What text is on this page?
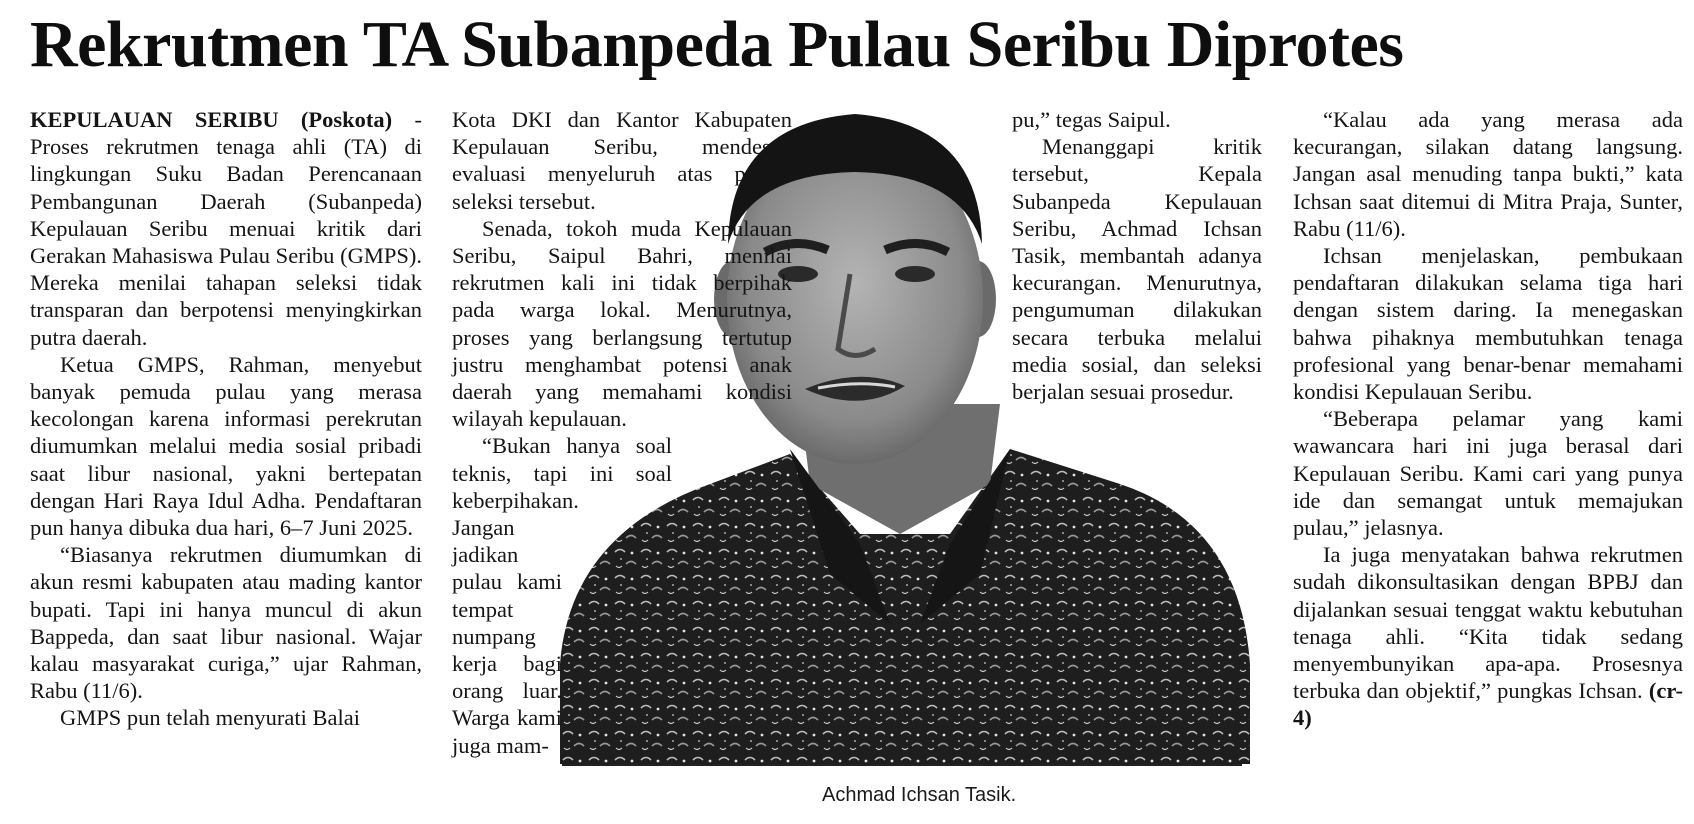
Rekrutmen TA Subanpeda Pulau Seribu Diprotes
Achmad Ichsan Tasik.

KEPULAUAN SERIBU (Poskota) - Proses rekrutmen tenaga ahli (TA) di lingkungan Suku Badan Perencanaan Pembangunan Daerah (Subanpeda) Kepulauan Seribu menuai kritik dari Gerakan Mahasiswa Pulau Seribu (GMPS). Mereka menilai tahapan seleksi tidak transparan dan berpotensi menyingkirkan putra daerah.

Ketua GMPS, Rahman, menyebut banyak pemuda pulau yang merasa kecolongan karena informasi perekrutan diumumkan melalui media sosial pribadi saat libur nasional, yakni bertepatan dengan Hari Raya Idul Adha. Pendaftaran pun hanya dibuka dua hari, 6–7 Juni 2025.

“Biasanya rekrutmen diumumkan di akun resmi kabupaten atau mading kantor bupati. Tapi ini hanya muncul di akun Bappeda, dan saat libur nasional. Wajar kalau masyarakat curiga,” ujar Rahman, Rabu (11/6).

GMPS pun telah menyurati Balai

Kota DKI dan Kantor Kabupaten Kepulauan Seribu, mendesak evaluasi menyeluruh atas proses seleksi tersebut.

Senada, tokoh muda Kepulauan Seribu, Saipul Bahri, menilai rekrutmen kali ini tidak berpihak pada warga lokal. Menurutnya, proses yang berlangsung tertutup justru menghambat potensi anak daerah yang memahami kondisi wilayah kepulauan.

“Bukan hanya soal teknis, tapi ini soal keberpihakan.

Jangan jadikan pulau kami tempat numpang kerja bagi orang luar. Warga kami juga mam-

pu,” tegas Saipul.

Menanggapi kritik tersebut, Kepala Subanpeda Kepulauan Seribu, Achmad Ichsan Tasik, membantah adanya kecurangan. Menurutnya, pengumuman dilakukan secara terbuka melalui media sosial, dan seleksi berjalan sesuai prosedur.

“Kalau ada yang merasa ada kecurangan, silakan datang langsung. Jangan asal menuding tanpa bukti,” kata Ichsan saat ditemui di Mitra Praja, Sunter, Rabu (11/6).

Ichsan menjelaskan, pembukaan pendaftaran dilakukan selama tiga hari dengan sistem daring. Ia menegaskan bahwa pihaknya membutuhkan tenaga profesional yang benar-benar memahami kondisi Kepulauan Seribu.

“Beberapa pelamar yang kami wawancara hari ini juga berasal dari Kepulauan Seribu. Kami cari yang punya ide dan semangat untuk memajukan pulau,” jelasnya.

Ia juga menyatakan bahwa rekrutmen sudah dikonsultasikan dengan BPBJ dan dijalankan sesuai tenggat waktu kebutuhan tenaga ahli. “Kita tidak sedang menyembunyikan apa-apa. Prosesnya terbuka dan objektif,” pungkas Ichsan. (cr-4)
